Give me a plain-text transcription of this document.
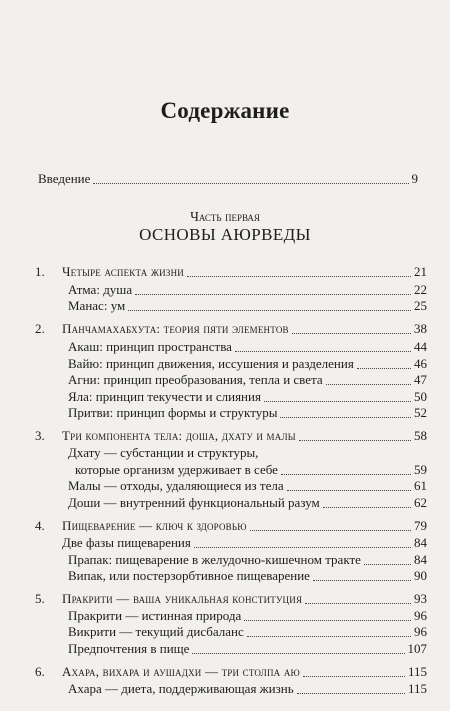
Содержание
Введение	9
Часть первая
ОСНОВЫ АЮРВЕДЫ
1.	Четыре аспекта жизни	21
Атма: душа	22
Манас: ум	25
2.	Панчамахабхута: теория пяти элементов	38
Акаш: принцип пространства	44
Вайю: принцип движения, иссушения и разделения	46
Агни: принцип преобразования, тепла и света	47
Яла: принцип текучести и слияния	50
Притви: принцип формы и структуры	52
3.	Три компонента тела: доша, дхату и малы	58
Дхату — субстанции и структуры,
которые организм удерживает в себе	59
Малы — отходы, удаляющиеся из тела	61
Доши — внутренний функциональный разум	62
4.	Пищеварение — ключ к здоровью	79
Две фазы пищеварения	84
Прапак: пищеварение в желудочно-кишечном тракте	84
Випак, или постерзорбтивное пищеварение	90
5.	Пракрити — ваша уникальная конституция	93
Пракрити — истинная природа	96
Викрити — текущий дисбаланс	96
Предпочтения в пище	107
6.	Ахара, вихара и аушадхи — три столпа аю	115
Ахара — диета, поддерживающая жизнь	115
